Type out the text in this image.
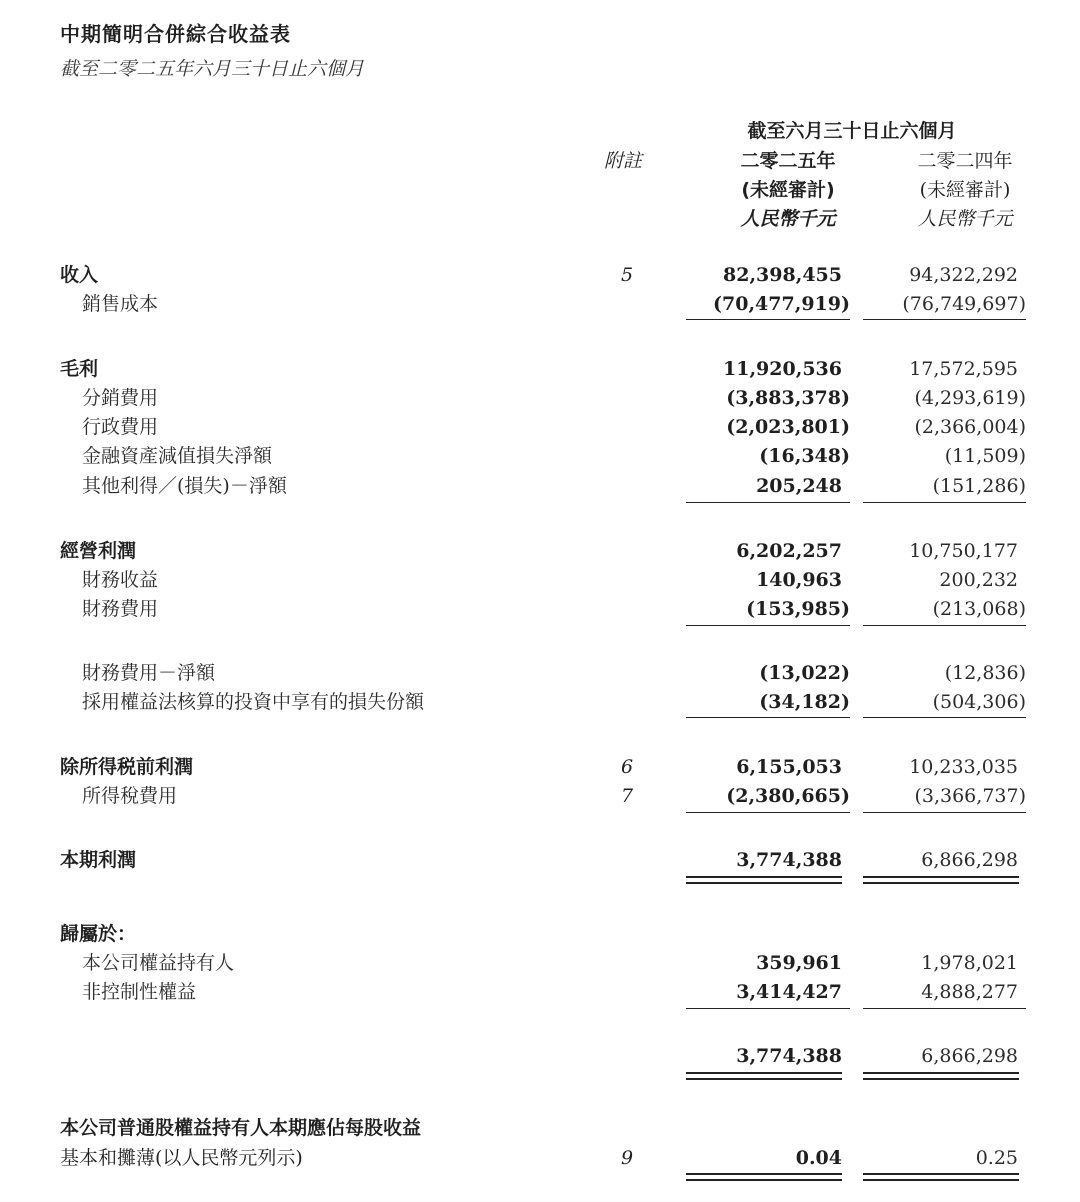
中期簡明合併綜合收益表
截至二零二五年六月三十日止六個月
截至六月三十日止六個月
附註	二零二五年	二零二四年
(未經審計)	(未經審計)
人民幣千元	人民幣千元
收入	5	82,398,455	94,322,292
銷售成本	(70,477,919)	(76,749,697)
毛利	11,920,536	17,572,595
分銷費用	(3,883,378)	(4,293,619)
行政費用	(2,023,801)	(2,366,004)
金融資產減值損失淨額	(16,348)	(11,509)
其他利得／(損失)－淨額	205,248	(151,286)
經營利潤	6,202,257	10,750,177
財務收益	140,963	200,232
財務費用	(153,985)	(213,068)
財務費用－淨額	(13,022)	(12,836)
採用權益法核算的投資中享有的損失份額	(34,182)	(504,306)
除所得税前利潤	6	6,155,053	10,233,035
所得稅費用	7	(2,380,665)	(3,366,737)
本期利潤	3,774,388	6,866,298
歸屬於：
本公司權益持有人	359,961	1,978,021
非控制性權益	3,414,427	4,888,277
3,774,388	6,866,298
本公司普通股權益持有人本期應佔每股收益
基本和攤薄(以人民幣元列示)	9	0.04	0.25
